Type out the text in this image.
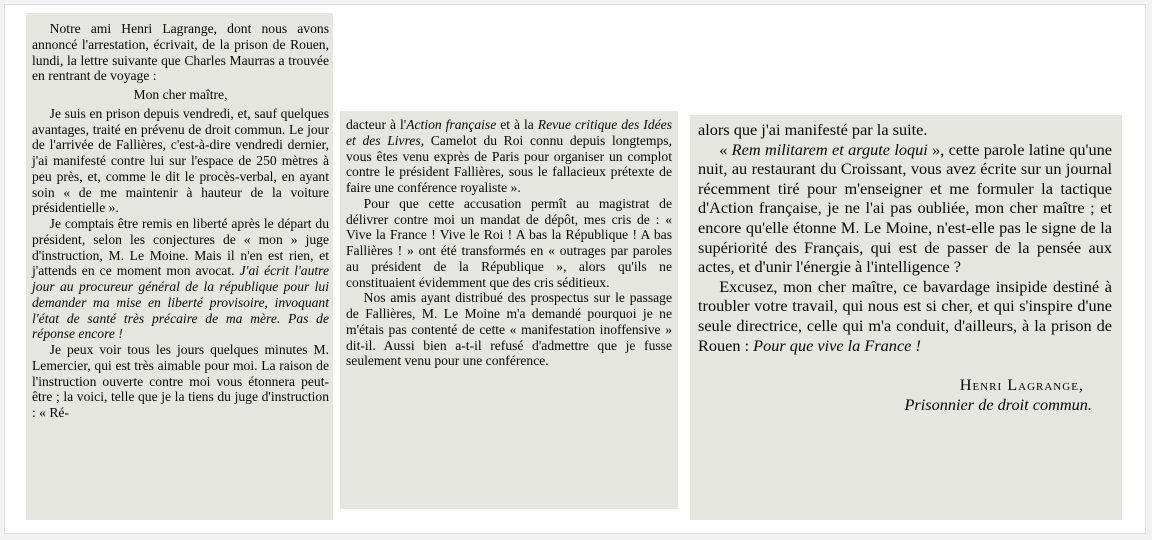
Notre ami Henri Lagrange, dont nous avons annoncé l'arrestation, écrivait, de la prison de Rouen, lundi, la lettre suivante que Charles Maurras a trouvée en rentrant de voyage :

Mon cher maître,

Je suis en prison depuis vendredi, et, sauf quelques avantages, traité en prévenu de droit commun. Le jour de l'arrivée de Fallières, c'est-à-dire vendredi dernier, j'ai manifesté contre lui sur l'espace de 250 mètres à peu près, et, comme le dit le procès-verbal, en ayant soin « de me maintenir à hauteur de la voiture présidentielle ».

Je comptais être remis en liberté après le départ du président, selon les conjectures de « mon » juge d'instruction, M. Le Moine. Mais il n'en est rien, et j'attends en ce moment mon avocat. J'ai écrit l'autre jour au procureur général de la république pour lui demander ma mise en liberté provisoire, invoquant l'état de santé très précaire de ma mère. Pas de réponse encore !

Je peux voir tous les jours quelques minutes M. Lemercier, qui est très aimable pour moi. La raison de l'instruction ouverte contre moi vous étonnera peut-être ; la voici, telle que je la tiens du juge d'instruction : « Ré-

dacteur à l'Action française et à la Revue critique des Idées et des Livres, Camelot du Roi connu depuis longtemps, vous êtes venu exprès de Paris pour organiser un complot contre le président Fallières, sous le fallacieux prétexte de faire une conférence royaliste ».

Pour que cette accusation permît au magistrat de délivrer contre moi un mandat de dépôt, mes cris de : « Vive la France ! Vive le Roi ! A bas la République ! A bas Fallières ! » ont été transformés en « outrages par paroles au président de la République », alors qu'ils ne constituaient évidemment que des cris séditieux.

Nos amis ayant distribué des prospectus sur le passage de Fallières, M. Le Moine m'a demandé pourquoi je ne m'étais pas contenté de cette « manifestation inoffensive » dit-il. Aussi bien a-t-il refusé d'admettre que je fusse seulement venu pour une conférence.

alors que j'ai manifesté par la suite.

« Rem militarem et argute loqui », cette parole latine qu'une nuit, au restaurant du Croissant, vous avez écrite sur un journal récemment tiré pour m'enseigner et me formuler la tactique d'Action française, je ne l'ai pas oubliée, mon cher maître ; et encore qu'elle étonne M. Le Moine, n'est-elle pas le signe de la supériorité des Français, qui est de passer de la pensée aux actes, et d'unir l'énergie à l'intelligence ?

Excusez, mon cher maître, ce bavardage insipide destiné à troubler votre travail, qui nous est si cher, et qui s'inspire d'une seule directrice, celle qui m'a conduit, d'ailleurs, à la prison de Rouen : Pour que vive la France !

Henri Lagrange,

Prisonnier de droit commun.
